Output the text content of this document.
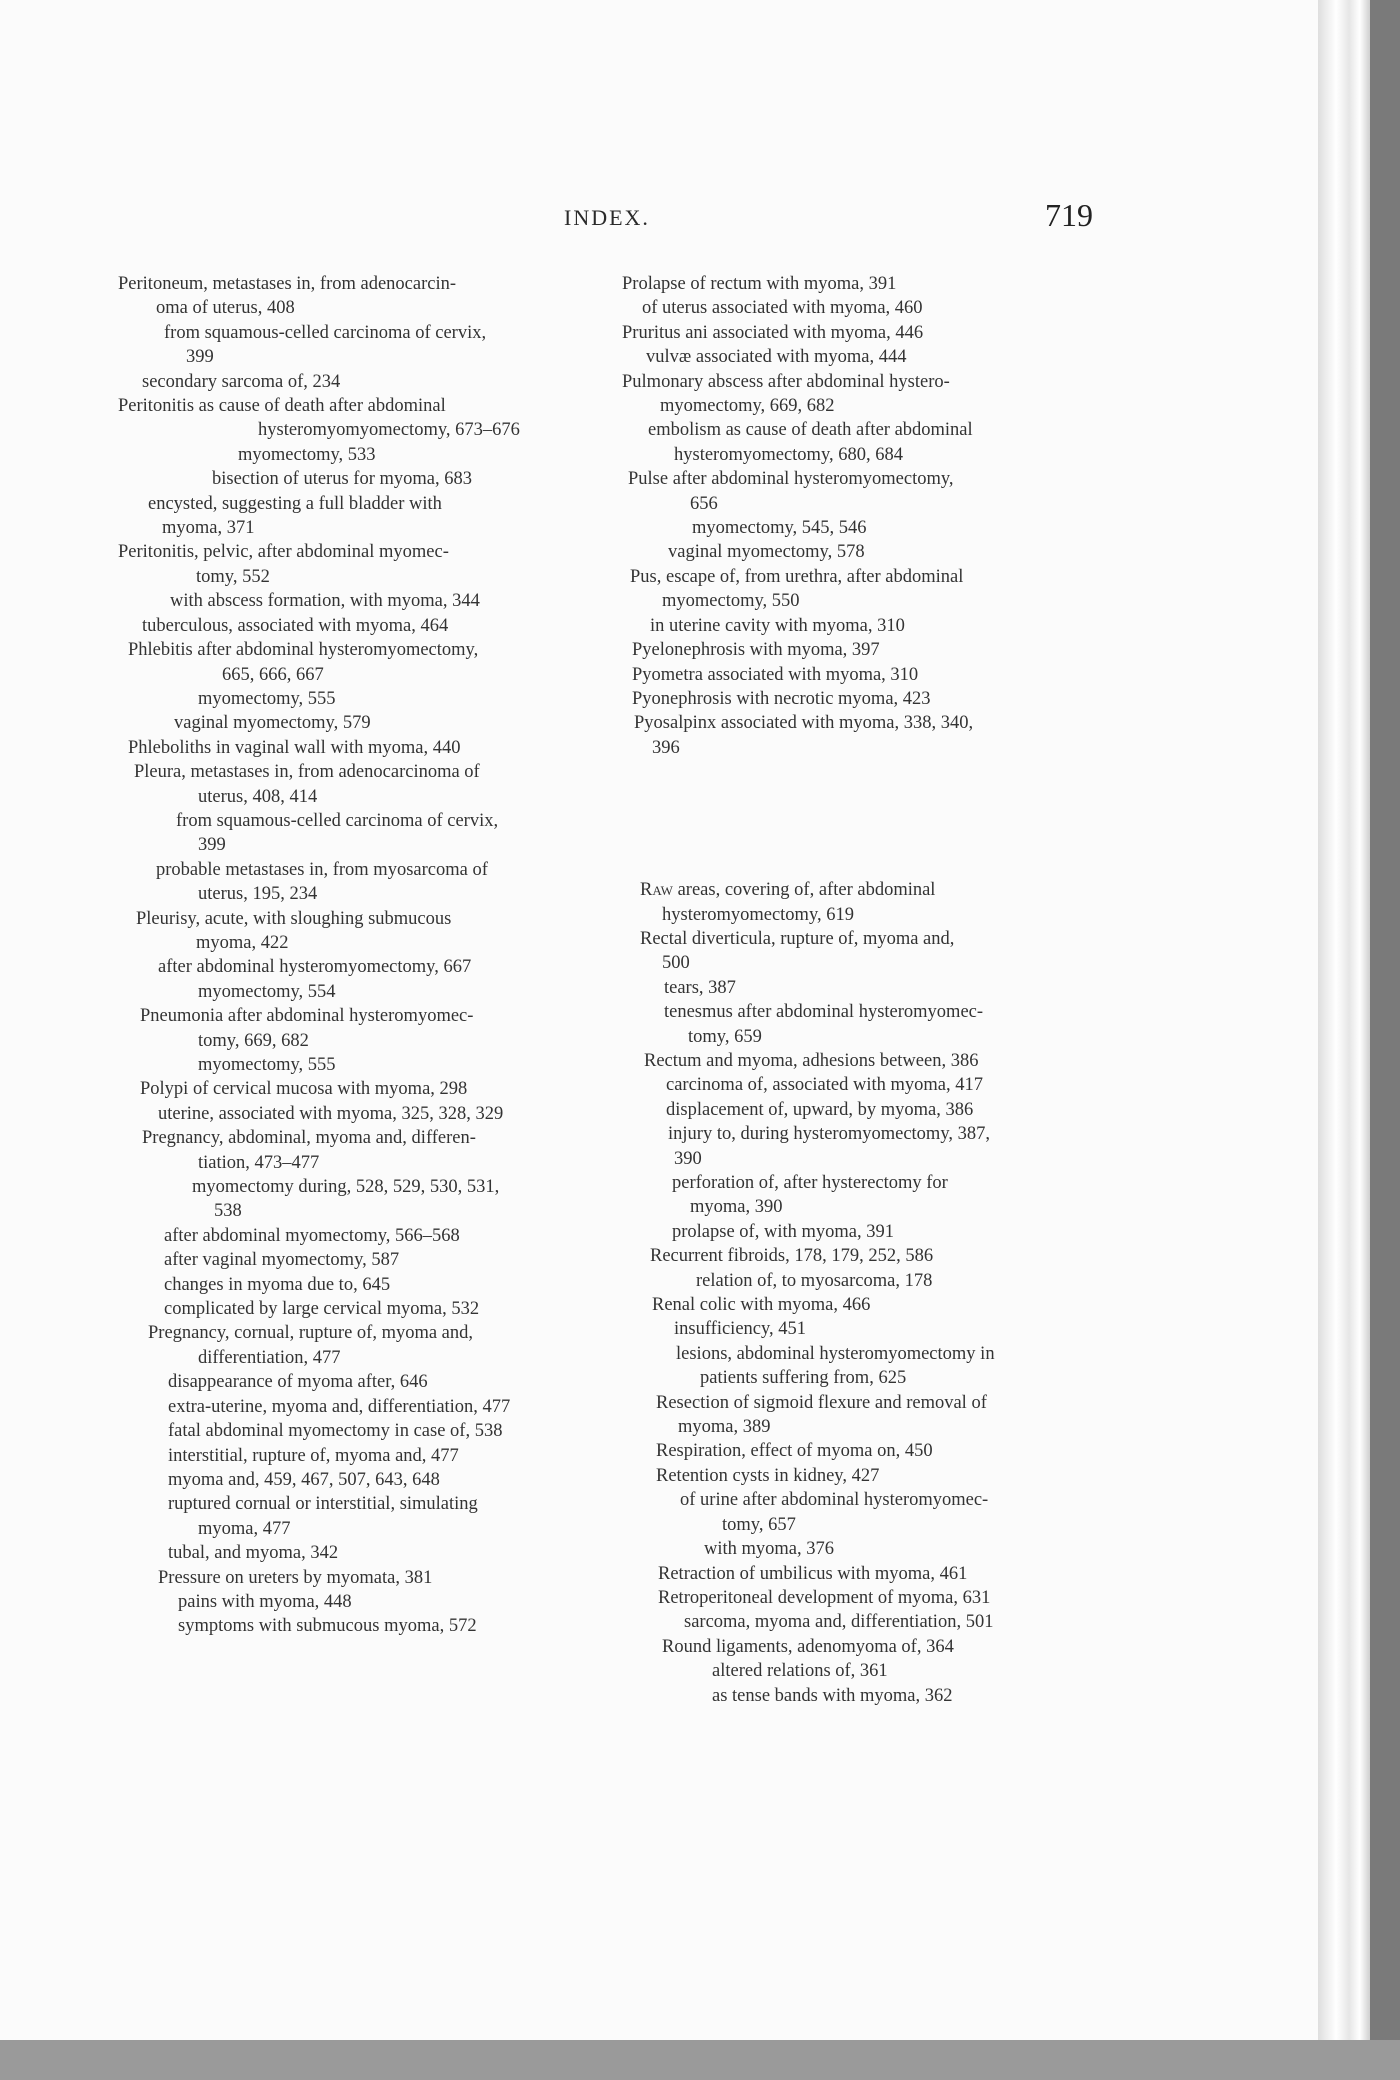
INDEX.	719
Peritoneum, metastases in, from adenocarcin-
oma of uterus, 408
from squamous-celled carcinoma of cervix,
399
secondary sarcoma of, 234
Peritonitis as cause of death after abdominal
hysteromyomyomectomy, 673–676
myomectomy, 533
bisection of uterus for myoma, 683
encysted, suggesting a full bladder with
myoma, 371
Peritonitis, pelvic, after abdominal myomec-
tomy, 552
with abscess formation, with myoma, 344
tuberculous, associated with myoma, 464
Phlebitis after abdominal hysteromyomectomy,
665, 666, 667
myomectomy, 555
vaginal myomectomy, 579
Phleboliths in vaginal wall with myoma, 440
Pleura, metastases in, from adenocarcinoma of
uterus, 408, 414
from squamous-celled carcinoma of cervix,
399
probable metastases in, from myosarcoma of
uterus, 195, 234
Pleurisy, acute, with sloughing submucous
myoma, 422
after abdominal hysteromyomectomy, 667
myomectomy, 554
Pneumonia after abdominal hysteromyomec-
tomy, 669, 682
myomectomy, 555
Polypi of cervical mucosa with myoma, 298
uterine, associated with myoma, 325, 328, 329
Pregnancy, abdominal, myoma and, differen-
tiation, 473–477
myomectomy during, 528, 529, 530, 531,
538
after abdominal myomectomy, 566–568
after vaginal myomectomy, 587
changes in myoma due to, 645
complicated by large cervical myoma, 532
Pregnancy, cornual, rupture of, myoma and,
differentiation, 477
disappearance of myoma after, 646
extra-uterine, myoma and, differentiation, 477
fatal abdominal myomectomy in case of, 538
interstitial, rupture of, myoma and, 477
myoma and, 459, 467, 507, 643, 648
ruptured cornual or interstitial, simulating
myoma, 477
tubal, and myoma, 342
Pressure on ureters by myomata, 381
pains with myoma, 448
symptoms with submucous myoma, 572
Prolapse of rectum with myoma, 391
of uterus associated with myoma, 460
Pruritus ani associated with myoma, 446
vulvæ associated with myoma, 444
Pulmonary abscess after abdominal hystero-
myomectomy, 669, 682
embolism as cause of death after abdominal
hysteromyomectomy, 680, 684
Pulse after abdominal hysteromyomectomy,
656
myomectomy, 545, 546
vaginal myomectomy, 578
Pus, escape of, from urethra, after abdominal
myomectomy, 550
in uterine cavity with myoma, 310
Pyelonephrosis with myoma, 397
Pyometra associated with myoma, 310
Pyonephrosis with necrotic myoma, 423
Pyosalpinx associated with myoma, 338, 340,
396
Raw areas, covering of, after abdominal
hysteromyomectomy, 619
Rectal diverticula, rupture of, myoma and,
500
tears, 387
tenesmus after abdominal hysteromyomec-
tomy, 659
Rectum and myoma, adhesions between, 386
carcinoma of, associated with myoma, 417
displacement of, upward, by myoma, 386
injury to, during hysteromyomectomy, 387,
390
perforation of, after hysterectomy for
myoma, 390
prolapse of, with myoma, 391
Recurrent fibroids, 178, 179, 252, 586
relation of, to myosarcoma, 178
Renal colic with myoma, 466
insufficiency, 451
lesions, abdominal hysteromyomectomy in
patients suffering from, 625
Resection of sigmoid flexure and removal of
myoma, 389
Respiration, effect of myoma on, 450
Retention cysts in kidney, 427
of urine after abdominal hysteromyomec-
tomy, 657
with myoma, 376
Retraction of umbilicus with myoma, 461
Retroperitoneal development of myoma, 631
sarcoma, myoma and, differentiation, 501
Round ligaments, adenomyoma of, 364
altered relations of, 361
as tense bands with myoma, 362
